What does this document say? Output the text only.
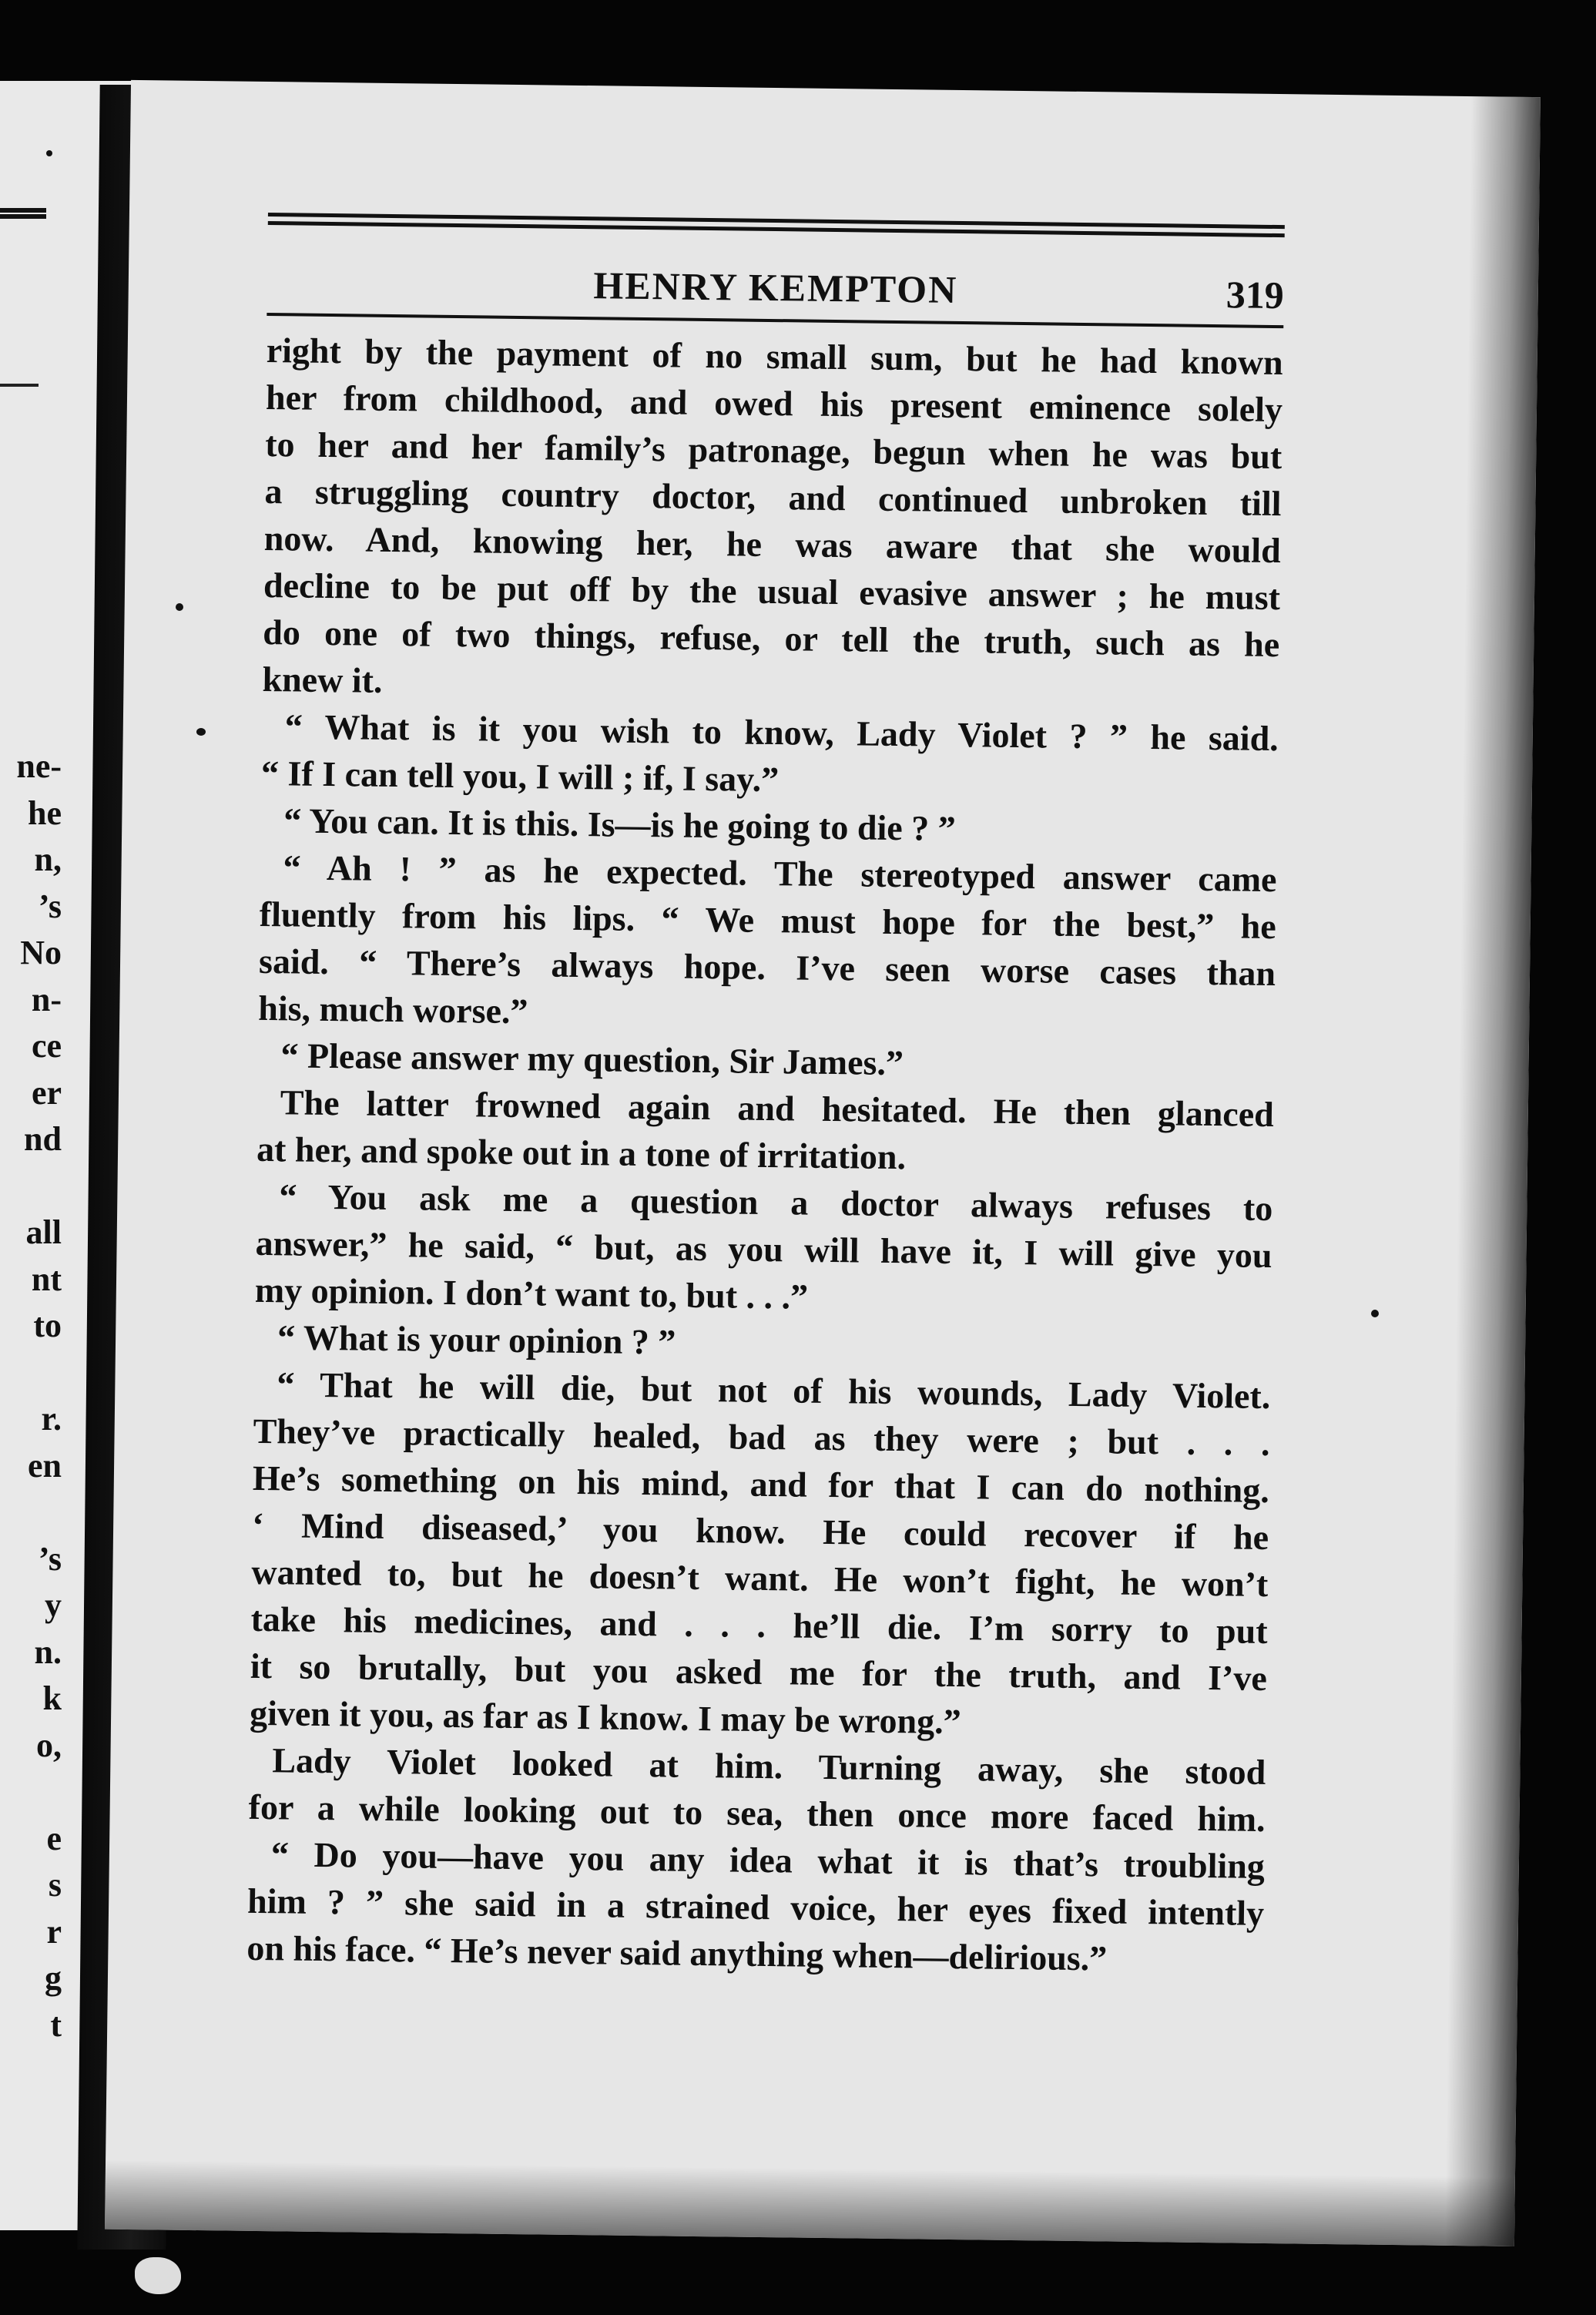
ne-
he
n,
’s
No
n-
ce
er
nd
all
nt
to
r.
en
’s
y
n.
k
o,
e
s
r
g
t
HENRY KEMPTON	319
right by the payment of no small sum, but he had known
her from childhood, and owed his present eminence solely
to her and her family’s patronage, begun when he was but
a struggling country doctor, and continued unbroken till
now. And, knowing her, he was aware that she would
decline to be put off by the usual evasive answer ; he must
do one of two things, refuse, or tell the truth, such as he
knew it.
“ What is it you wish to know, Lady Violet ? ” he said.
“ If I can tell you, I will ; if, I say.”
“ You can. It is this. Is—is he going to die ? ”
“ Ah ! ” as he expected. The stereotyped answer came
fluently from his lips. “ We must hope for the best,” he
said. “ There’s always hope. I’ve seen worse cases than
his, much worse.”
“ Please answer my question, Sir James.”
The latter frowned again and hesitated. He then glanced
at her, and spoke out in a tone of irritation.
“ You ask me a question a doctor always refuses to
answer,” he said, “ but, as you will have it, I will give you
my opinion. I don’t want to, but . . .”
“ What is your opinion ? ”
“ That he will die, but not of his wounds, Lady Violet.
They’ve practically healed, bad as they were ; but . . .
He’s something on his mind, and for that I can do nothing.
‘ Mind diseased,’ you know. He could recover if he
wanted to, but he doesn’t want. He won’t fight, he won’t
take his medicines, and . . . he’ll die. I’m sorry to put
it so brutally, but you asked me for the truth, and I’ve
given it you, as far as I know. I may be wrong.”
Lady Violet looked at him. Turning away, she stood
for a while looking out to sea, then once more faced him.
“ Do you—have you any idea what it is that’s troubling
him ? ” she said in a strained voice, her eyes fixed intently
on his face. “ He’s never said anything when—delirious.”
